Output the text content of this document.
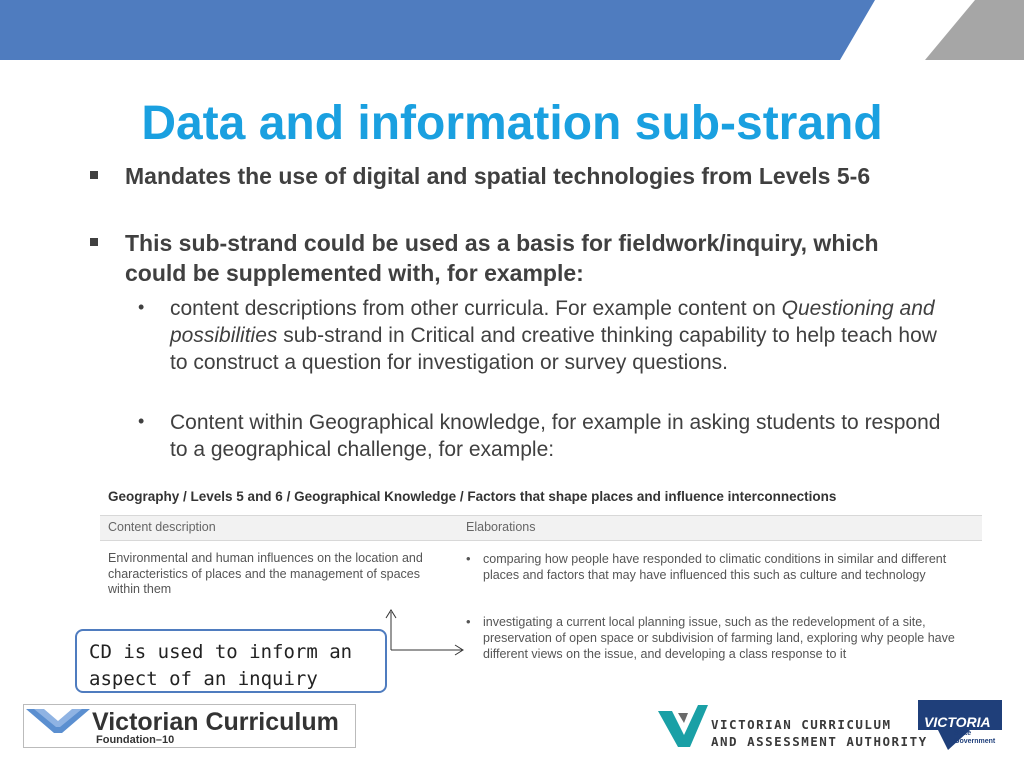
Data and information sub-strand
Mandates the use of digital and spatial technologies from Levels 5-6
This sub-strand could be used as a basis for fieldwork/inquiry, which could be supplemented with, for example:
• content descriptions from other curricula. For example content on Questioning and possibilities sub-strand in Critical and creative thinking capability to help teach how to construct a question for investigation or survey questions.
• Content within Geographical knowledge, for example in asking students to respond to a geographical challenge, for example:
Geography / Levels 5 and 6 / Geographical Knowledge / Factors that shape places and influence interconnections
Content description	Elaborations
Environmental and human influences on the location and characteristics of places and the management of spaces within them
• comparing how people have responded to climatic conditions in similar and different places and factors that may have influenced this such as culture and technology
• investigating a current local planning issue, such as the redevelopment of a site, preservation of open space or subdivision of farming land, exploring why people have different views on the issue, and developing a class response to it
CD is used to inform an aspect of an inquiry
Victorian Curriculum
Foundation–10
VICTORIAN CURRICULUM
AND ASSESSMENT AUTHORITY
VICTORIA
State
Government
